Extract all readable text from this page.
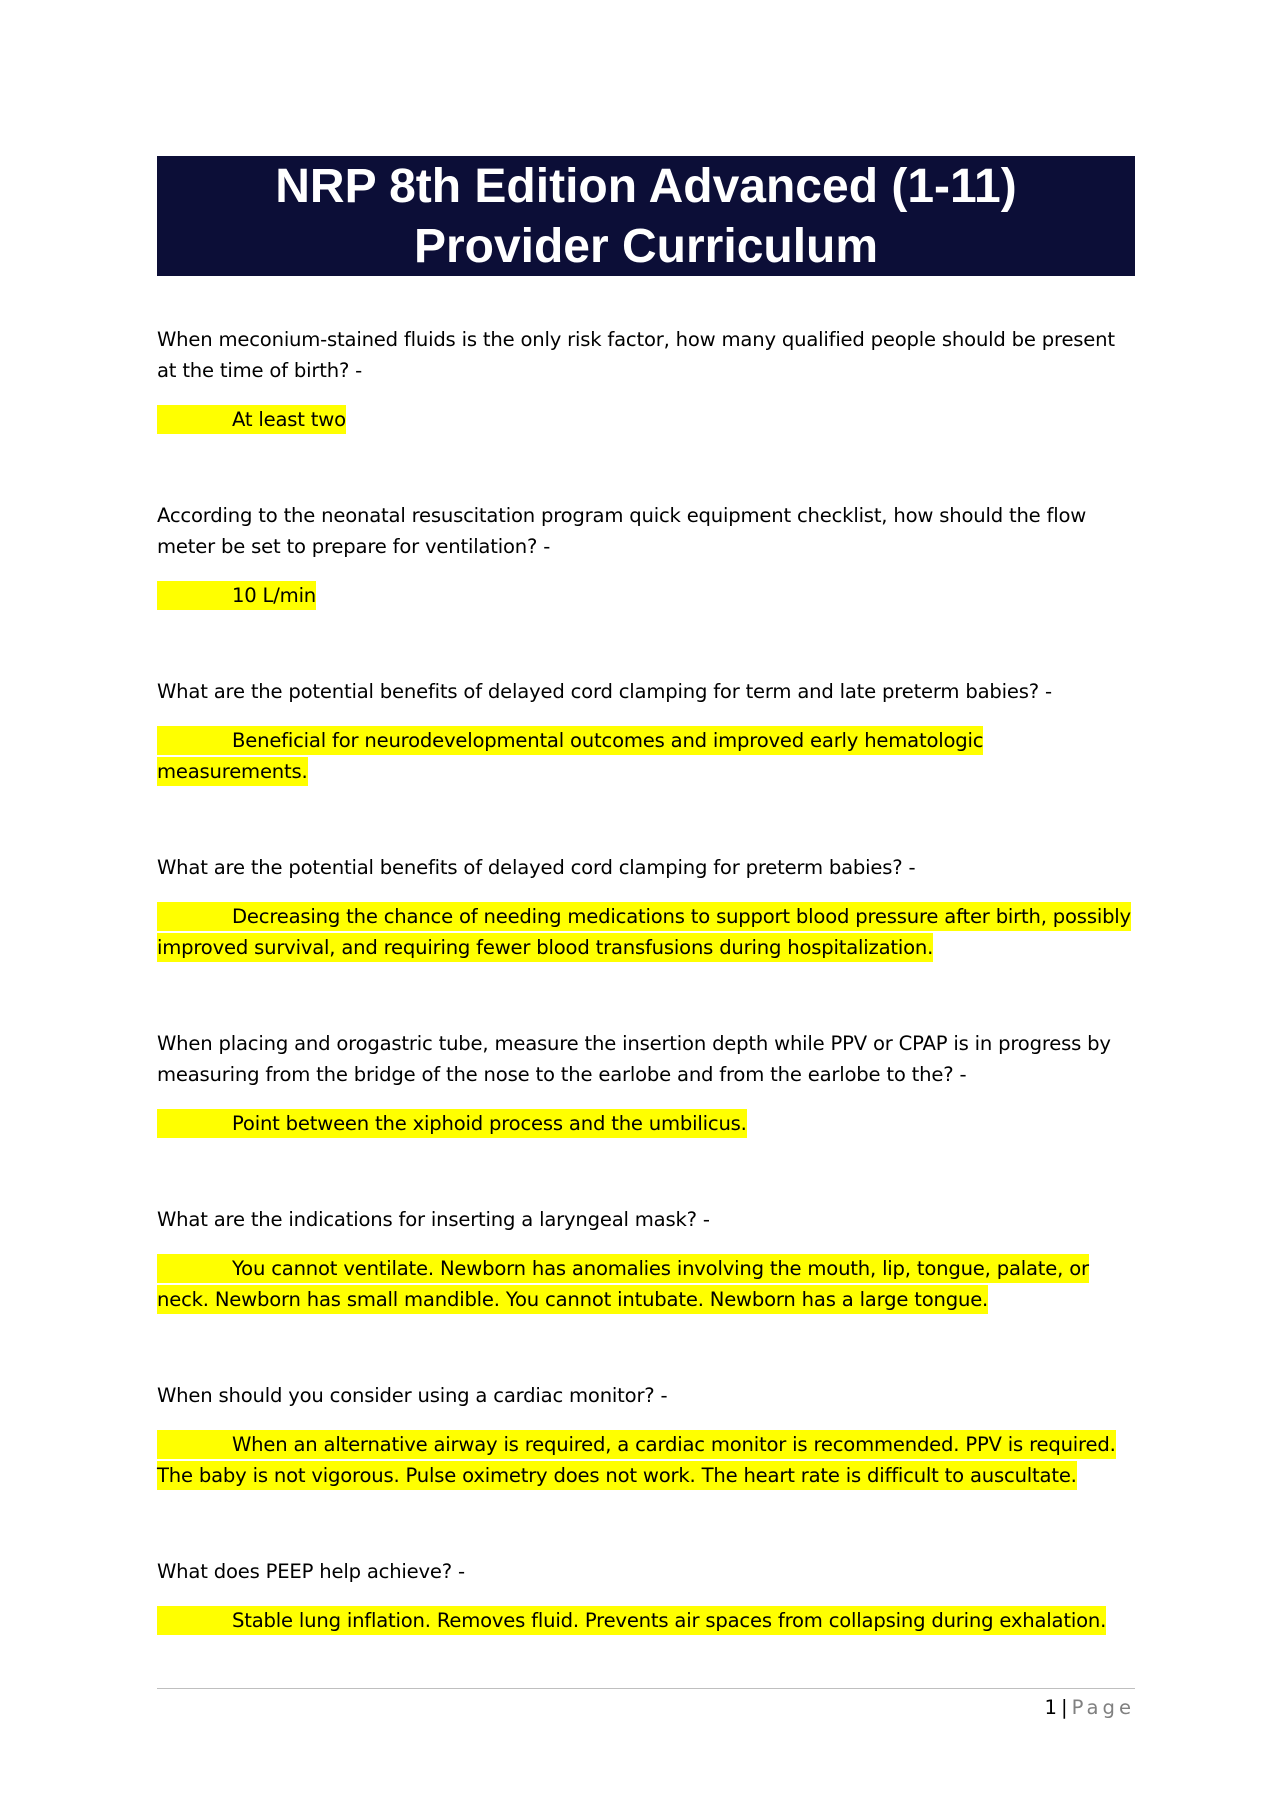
NRP 8th Edition Advanced (1-11)
Provider Curriculum

When meconium-stained fluids is the only risk factor, how many qualified people should be present at the time of birth? -

At least two

According to the neonatal resuscitation program quick equipment checklist, how should the flow meter be set to prepare for ventilation? -

10 L/min

What are the potential benefits of delayed cord clamping for term and late preterm babies? -

Beneficial for neurodevelopmental outcomes and improved early hematologic measurements.

What are the potential benefits of delayed cord clamping for preterm babies? -

Decreasing the chance of needing medications to support blood pressure after birth, possibly improved survival, and requiring fewer blood transfusions during hospitalization.

When placing and orogastric tube, measure the insertion depth while PPV or CPAP is in progress by measuring from the bridge of the nose to the earlobe and from the earlobe to the? -

Point between the xiphoid process and the umbilicus.

What are the indications for inserting a laryngeal mask? -

You cannot ventilate. Newborn has anomalies involving the mouth, lip, tongue, palate, or neck. Newborn has small mandible. You cannot intubate. Newborn has a large tongue.

When should you consider using a cardiac monitor? -

When an alternative airway is required, a cardiac monitor is recommended. PPV is required. The baby is not vigorous. Pulse oximetry does not work. The heart rate is difficult to auscultate.

What does PEEP help achieve? -

Stable lung inflation. Removes fluid. Prevents air spaces from collapsing during exhalation.

1 | Page
